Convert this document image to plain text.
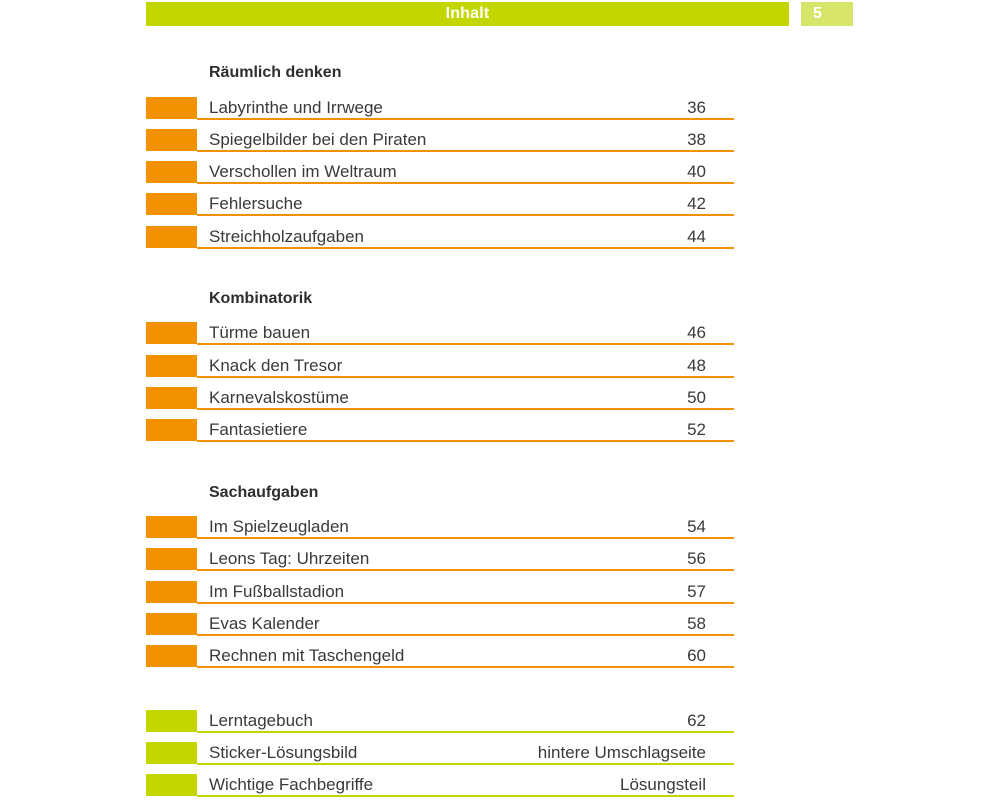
Inhalt	5
Räumlich denken
Labyrinthe und Irrwege	36
Spiegelbilder bei den Piraten	38
Verschollen im Weltraum	40
Fehlersuche	42
Streichholzaufgaben	44
Kombinatorik
Türme bauen	46
Knack den Tresor	48
Karnevalskostüme	50
Fantasietiere	52
Sachaufgaben
Im Spielzeugladen	54
Leons Tag: Uhrzeiten	56
Im Fußballstadion	57
Evas Kalender	58
Rechnen mit Taschengeld	60
Lerntagebuch	62
Sticker-Lösungsbild	hintere Umschlagseite
Wichtige Fachbegriffe	Lösungsteil
